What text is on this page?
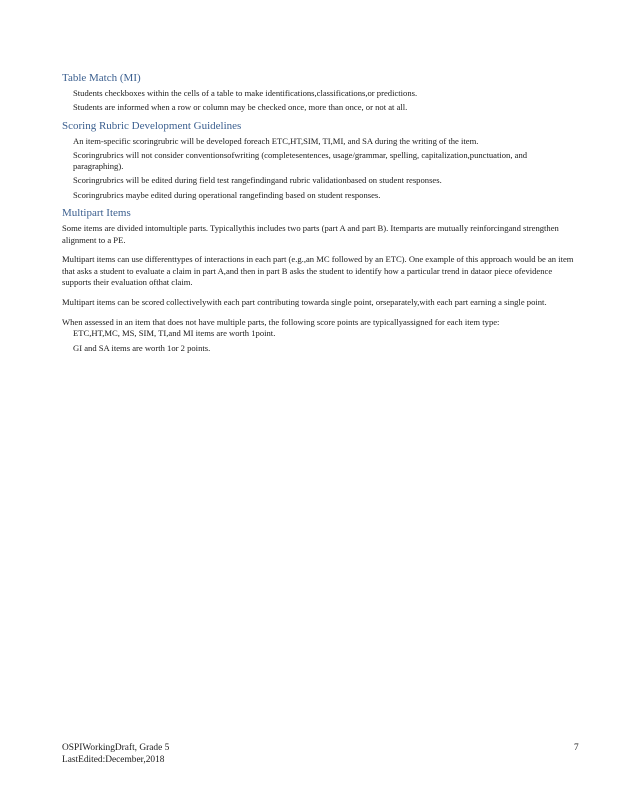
Table Match (MI)
Students checkboxes within the cells of a table to make identifications,classifications,or predictions.
Students are informed when a row or column may be checked once, more than once, or not at all.
Scoring Rubric Development Guidelines
An item-specific scoringrubric will be developed foreach ETC,HT,SIM, TI,MI, and SA during the writing of the item.
Scoringrubrics will not consider conventionsofwriting (completesentences, usage/grammar, spelling, capitalization,punctuation, and paragraphing).
Scoringrubrics will be edited during field test rangefindingand rubric validationbased on student responses.
Scoringrubrics maybe edited during operational rangefinding based on student responses.
Multipart Items

Some items are divided intomultiple parts. Typicallythis includes two parts (part A and part B). Itemparts are mutually reinforcingand strengthen alignment to a PE.

Multipart items can use differenttypes of interactions in each part (e.g.,an MC followed by an ETC). One example of this approach would be an item that asks a student to evaluate a claim in part A,and then in part B asks the student to identify how a particular trend in dataor piece ofevidence supports their evaluation ofthat claim.

Multipart items can be scored collectivelywith each part contributing towarda single point, orseparately,with each part earning a single point.

When assessed in an item that does not have multiple parts, the following score points are typicallyassigned for each item type:

ETC,HT,MC, MS, SIM, TI,and MI items are worth 1point.
GI and SA items are worth 1or 2 points.
OSPIWorkingDraft, Grade 5
LastEdited:December,2018
7
